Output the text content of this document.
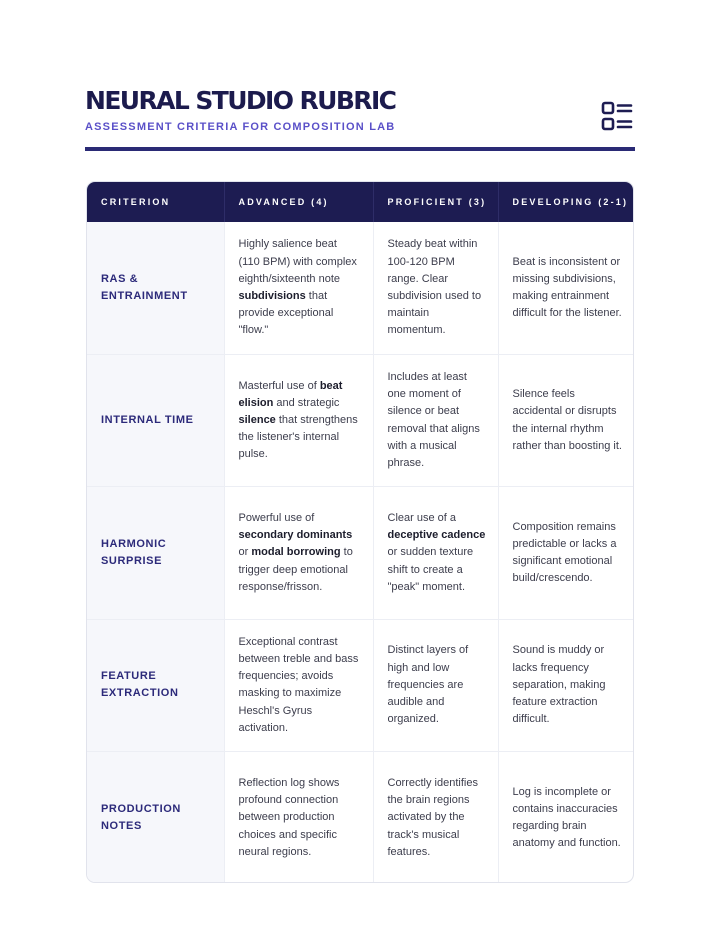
NEURAL STUDIO RUBRIC
ASSESSMENT CRITERIA FOR COMPOSITION LAB
CRITERION	ADVANCED (4)	PROFICIENT (3)	DEVELOPING (2-1)
RAS & ENTRAINMENT	Highly salience beat (110 BPM) with complex eighth/sixteenth note subdivisions that provide exceptional "flow."	Steady beat within 100-120 BPM range. Clear subdivision used to maintain momentum.	Beat is inconsistent or missing subdivisions, making entrainment difficult for the listener.
INTERNAL TIME	Masterful use of beat elision and strategic silence that strengthens the listener's internal pulse.	Includes at least one moment of silence or beat removal that aligns with a musical phrase.	Silence feels accidental or disrupts the internal rhythm rather than boosting it.
HARMONIC SURPRISE	Powerful use of secondary dominants or modal borrowing to trigger deep emotional response/frisson.	Clear use of a deceptive cadence or sudden texture shift to create a "peak" moment.	Composition remains predictable or lacks a significant emotional build/crescendo.
FEATURE EXTRACTION	Exceptional contrast between treble and bass frequencies; avoids masking to maximize Heschl's Gyrus activation.	Distinct layers of high and low frequencies are audible and organized.	Sound is muddy or lacks frequency separation, making feature extraction difficult.
PRODUCTION NOTES	Reflection log shows profound connection between production choices and specific neural regions.	Correctly identifies the brain regions activated by the track's musical features.	Log is incomplete or contains inaccuracies regarding brain anatomy and function.
